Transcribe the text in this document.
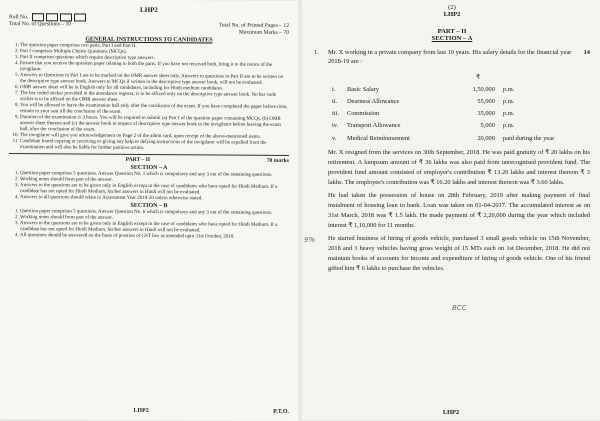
LHP2
Roll No.
Total No. of Questions – 10	Total No. of Printed Pages – 12
Maximum Marks – 70
GENERAL INSTRUCTIONS TO CANDIDATES
1. The question paper comprises two parts, Part I and Part II.
2. Part I comprises Multiple Choice Questions (MCQs).
3. Part II comprises questions which require descriptive type answers.
4. Ensure that you receive the question paper relating to both the parts. If you have not received both, bring it to the notice of the invigilator.
5. Answers to Questions in Part I are to be marked on the OMR answer sheet only. Answers to questions in Part II are to be written on the descriptive type answer book. Answers to MCQs if written in the descriptive type answer book, will not be evaluated.
6. OMR answer sheet will be in English only for all candidates, including for Hindi medium candidates.
7. The bar coded sticker provided in the attendance register, is to be affixed only on the descriptive type answer book. No bar code sticker is to be affixed on the OMR answer sheet.
8. You will be allowed to leave the examination hall only after the conclusion of the exam. If you have completed the paper before time, remain in your seat till the conclusion of the exam.
9. Duration of the examination is 3 hours. You will be required to submit (a) Part I of the question paper containing MCQs, (b) OMR answer sheet thereon and (c) the answer book in respect of descriptive type answer book to the invigilator before leaving the exam hall, after the conclusion of the exam.
10. The invigilator will give you acknowledgement on Page 2 of the admit card, upon receipt of the above-mentioned items.
11. Candidate found copying or receiving or giving any help or defying instructions of the invigilator will be expelled from the examination and will also be liable for further punitive action.
PART – II	70 marks
SECTION – A
1. Question paper comprises 5 questions. Answer Question No. 1 which is compulsory and any 3 out of the remaining questions.
2. Working notes should form part of the answer.
3. Answers to the questions are to be given only in English except in the case of candidates who have opted for Hindi Medium. If a candidate has not opted for Hindi Medium, his/her answers in Hindi will not be evaluated.
4. Answers to all questions should relate to Assessment Year 2019-20 unless otherwise stated.
SECTION – B
1. Question paper comprises 5 questions. Answer Question No. 6 which is compulsory and any 3 out of the remaining questions.
2. Working notes should form part of the answer.
3. Answers to the questions are to be given only in English except in the case of candidates who have opted for Hindi Medium. If a candidate has not opted for Hindi Medium, his/her answers in Hindi will not be evaluated.
4. All questions should be answered on the basis of position of GST law as amended upto 31st October, 2018.
LHP2	P.T.O.
(2)
LHP2
PART – II
SECTION – A
1.	Mr. X working in a private company from last 10 years. His salary details for the financial year 2018-19 are :
14
		₹	
i.	Basic Salary	1,50,000	p.m.
ii.	Dearness Allowance	55,000	p.m.
iii.	Commission	35,000	p.m.
iv.	Transport Allowance	5,000	p.m.
v.	Medical Reimbursement	20,000	paid during the year
Mr. X resigned from the services on 30th September, 2018. He was paid gratuity of ₹ 20 lakhs on his retirement. A lumpsum amount of ₹ 36 lakhs was also paid from unrecognised provident fund. The provident fund amount consisted of employer's contribution ₹ 13.20 lakhs and interest thereon ₹ 3 lakhs. The employee's contribution was ₹ 16.20 lakhs and interest thereon was ₹ 3.60 lakhs.
He had taken the possession of house on 28th February, 2019 after making payment of final instalment of housing loan to bank. Loan was taken on 01-04-2017. The accumulated interest as on 31st March, 2018 was ₹ 1.5 lakh. He made payment of ₹ 2,20,000 during the year which included interest ₹ 1,10,000 for 11 months.
He started business of hiring of goods vehicle, purchased 3 small goods vehicle on 15th November, 2018 and 3 heavy vehicles having gross weight of 15 MTs each on 1st December, 2018. He did not maintain books of accounts for income and expenditure of hiring of goods vehicle. One of his friend gifted him ₹ 6 lakhs to purchase the vehicles.
9%
BCC
LHP2
